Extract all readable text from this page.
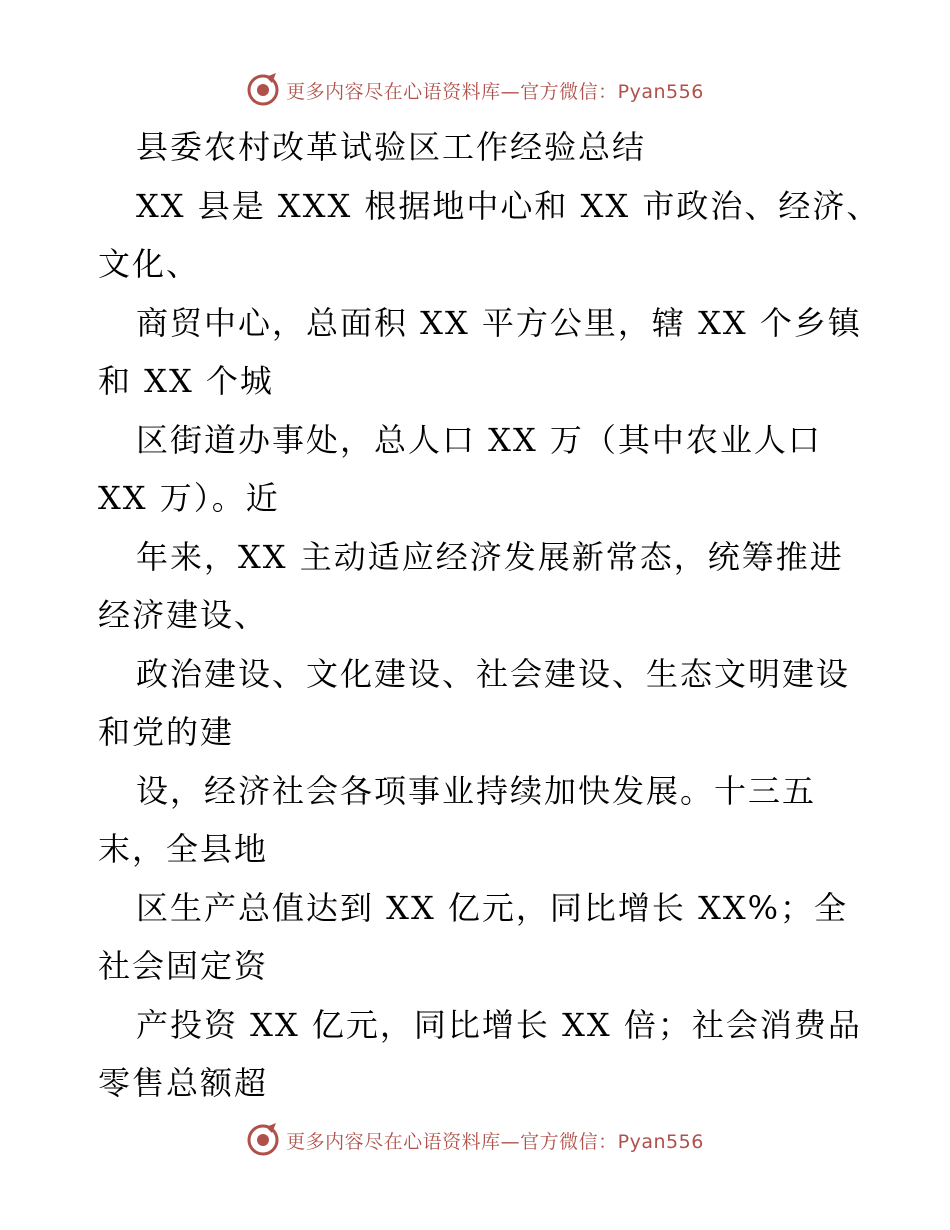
更多内容尽在心语资料库—官方微信：Pyan556
县委农村改革试验区工作经验总结
XX 县是 XXX 根据地中心和 XX 市政治、经济、
文化、
商贸中心，总面积 XX 平方公里，辖 XX 个乡镇
和 XX 个城
区街道办事处，总人口 XX 万（其中农业人口
XX 万）。近
年来，XX 主动适应经济发展新常态，统筹推进
经济建设、
政治建设、文化建设、社会建设、生态文明建设
和党的建
设，经济社会各项事业持续加快发展。十三五
末，全县地
区生产总值达到 XX 亿元，同比增长 XX%；全
社会固定资
产投资 XX 亿元，同比增长 XX 倍；社会消费品
零售总额超
更多内容尽在心语资料库—官方微信：Pyan556
